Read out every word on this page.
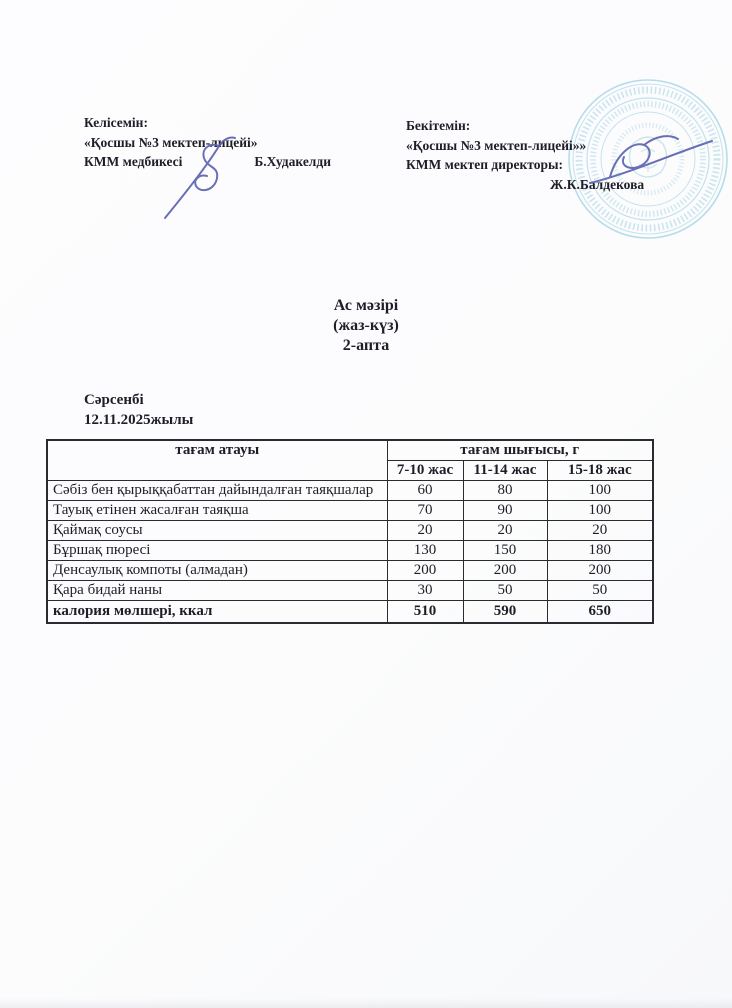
Келісемін:
«Қосшы №3 мектеп-лицейі»
КММ медбикесі	Б.Худакелди
Бекітемін:
«Қосшы №3 мектеп-лицейі»»
КММ мектеп директоры:
Ж.К.Балдекова
Ас мәзірі
(жаз-күз)
2-апта
Сәрсенбі
12.11.2025жылы
тағам атауы	тағам шығысы, г		
	7-10 жас	11-14 жас	15-18 жас
Сәбіз бен қырыққабаттан дайындалған таяқшалар	60	80	100
Тауық етінен жасалған таяқша	70	90	100
Қаймақ соусы	20	20	20
Бұршақ пюресі	130	150	180
Денсаулық компоты (алмадан)	200	200	200
Қара бидай наны	30	50	50
калория мөлшері, ккал	510	590	650
